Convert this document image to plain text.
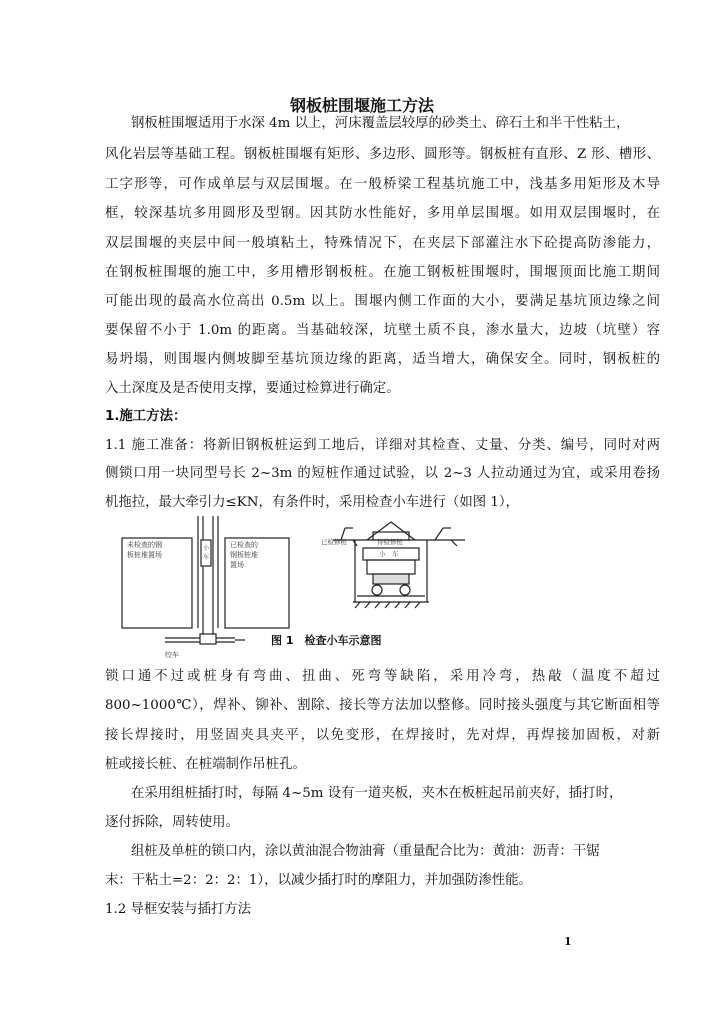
钢板桩围堰施工方法
钢板桩围堰适用于水深 4m 以上，河床覆盖层较厚的砂类土、碎石土和半干性粘土，
风化岩层等基础工程。钢板桩围堰有矩形、多边形、圆形等。钢板桩有直形、Z 形、槽形、
工字形等，可作成单层与双层围堰。在一般桥梁工程基坑施工中，浅基多用矩形及木导
框，较深基坑多用圆形及型钢。因其防水性能好，多用单层围堰。如用双层围堰时，在
双层围堰的夹层中间一般填粘土，特殊情况下，在夹层下部灌注水下砼提高防渗能力，
在钢板桩围堰的施工中，多用槽形钢板桩。在施工钢板桩围堰时，围堰顶面比施工期间
可能出现的最高水位高出 0.5m 以上。围堰内侧工作面的大小，要满足基坑顶边缘之间
要保留不小于 1.0m 的距离。当基础较深，坑壁土质不良，渗水量大，边坡（坑壁）容
易坍塌，则围堰内侧坡脚至基坑顶边缘的距离，适当增大，确保安全。同时，钢板桩的
入土深度及是否使用支撑，要通过检算进行确定。
1.施工方法：
1.1 施工准备：将新旧钢板桩运到工地后，详细对其检查、丈量、分类、编号，同时对两
侧锁口用一块同型号长 2~3m 的短桩作通过试验，以 2~3 人拉动通过为宜，或采用卷扬
机拖拉，最大牵引力≤KN，有条件时，采用检查小车进行（如图 1），
未检查的钢
板桩堆置场
小
车
已检查的
钢板桩堆
置场
绞车
已检修桩	待检修桩
小　车
图 1　检查小车示意图
锁口通不过或桩身有弯曲、扭曲、死弯等缺陷，采用冷弯，热敲（温度不超过
800~1000℃），焊补、铆补、割除、接长等方法加以整修。同时接头强度与其它断面相等
接长焊接时，用竖固夹具夹平，以免变形，在焊接时，先对焊，再焊接加固板，对新
桩或接长桩、在桩端制作吊桩孔。
在采用组桩插打时，每隔 4~5m 设有一道夹板，夹木在板桩起吊前夹好，插打时，
逐付拆除，周转使用。
组桩及单桩的锁口内，涂以黄油混合物油膏（重量配合比为：黄油：沥青：干锯
末：干粘土=2：2：2：1），以减少插打时的摩阻力，并加强防渗性能。
1.2 导框安装与插打方法
1
